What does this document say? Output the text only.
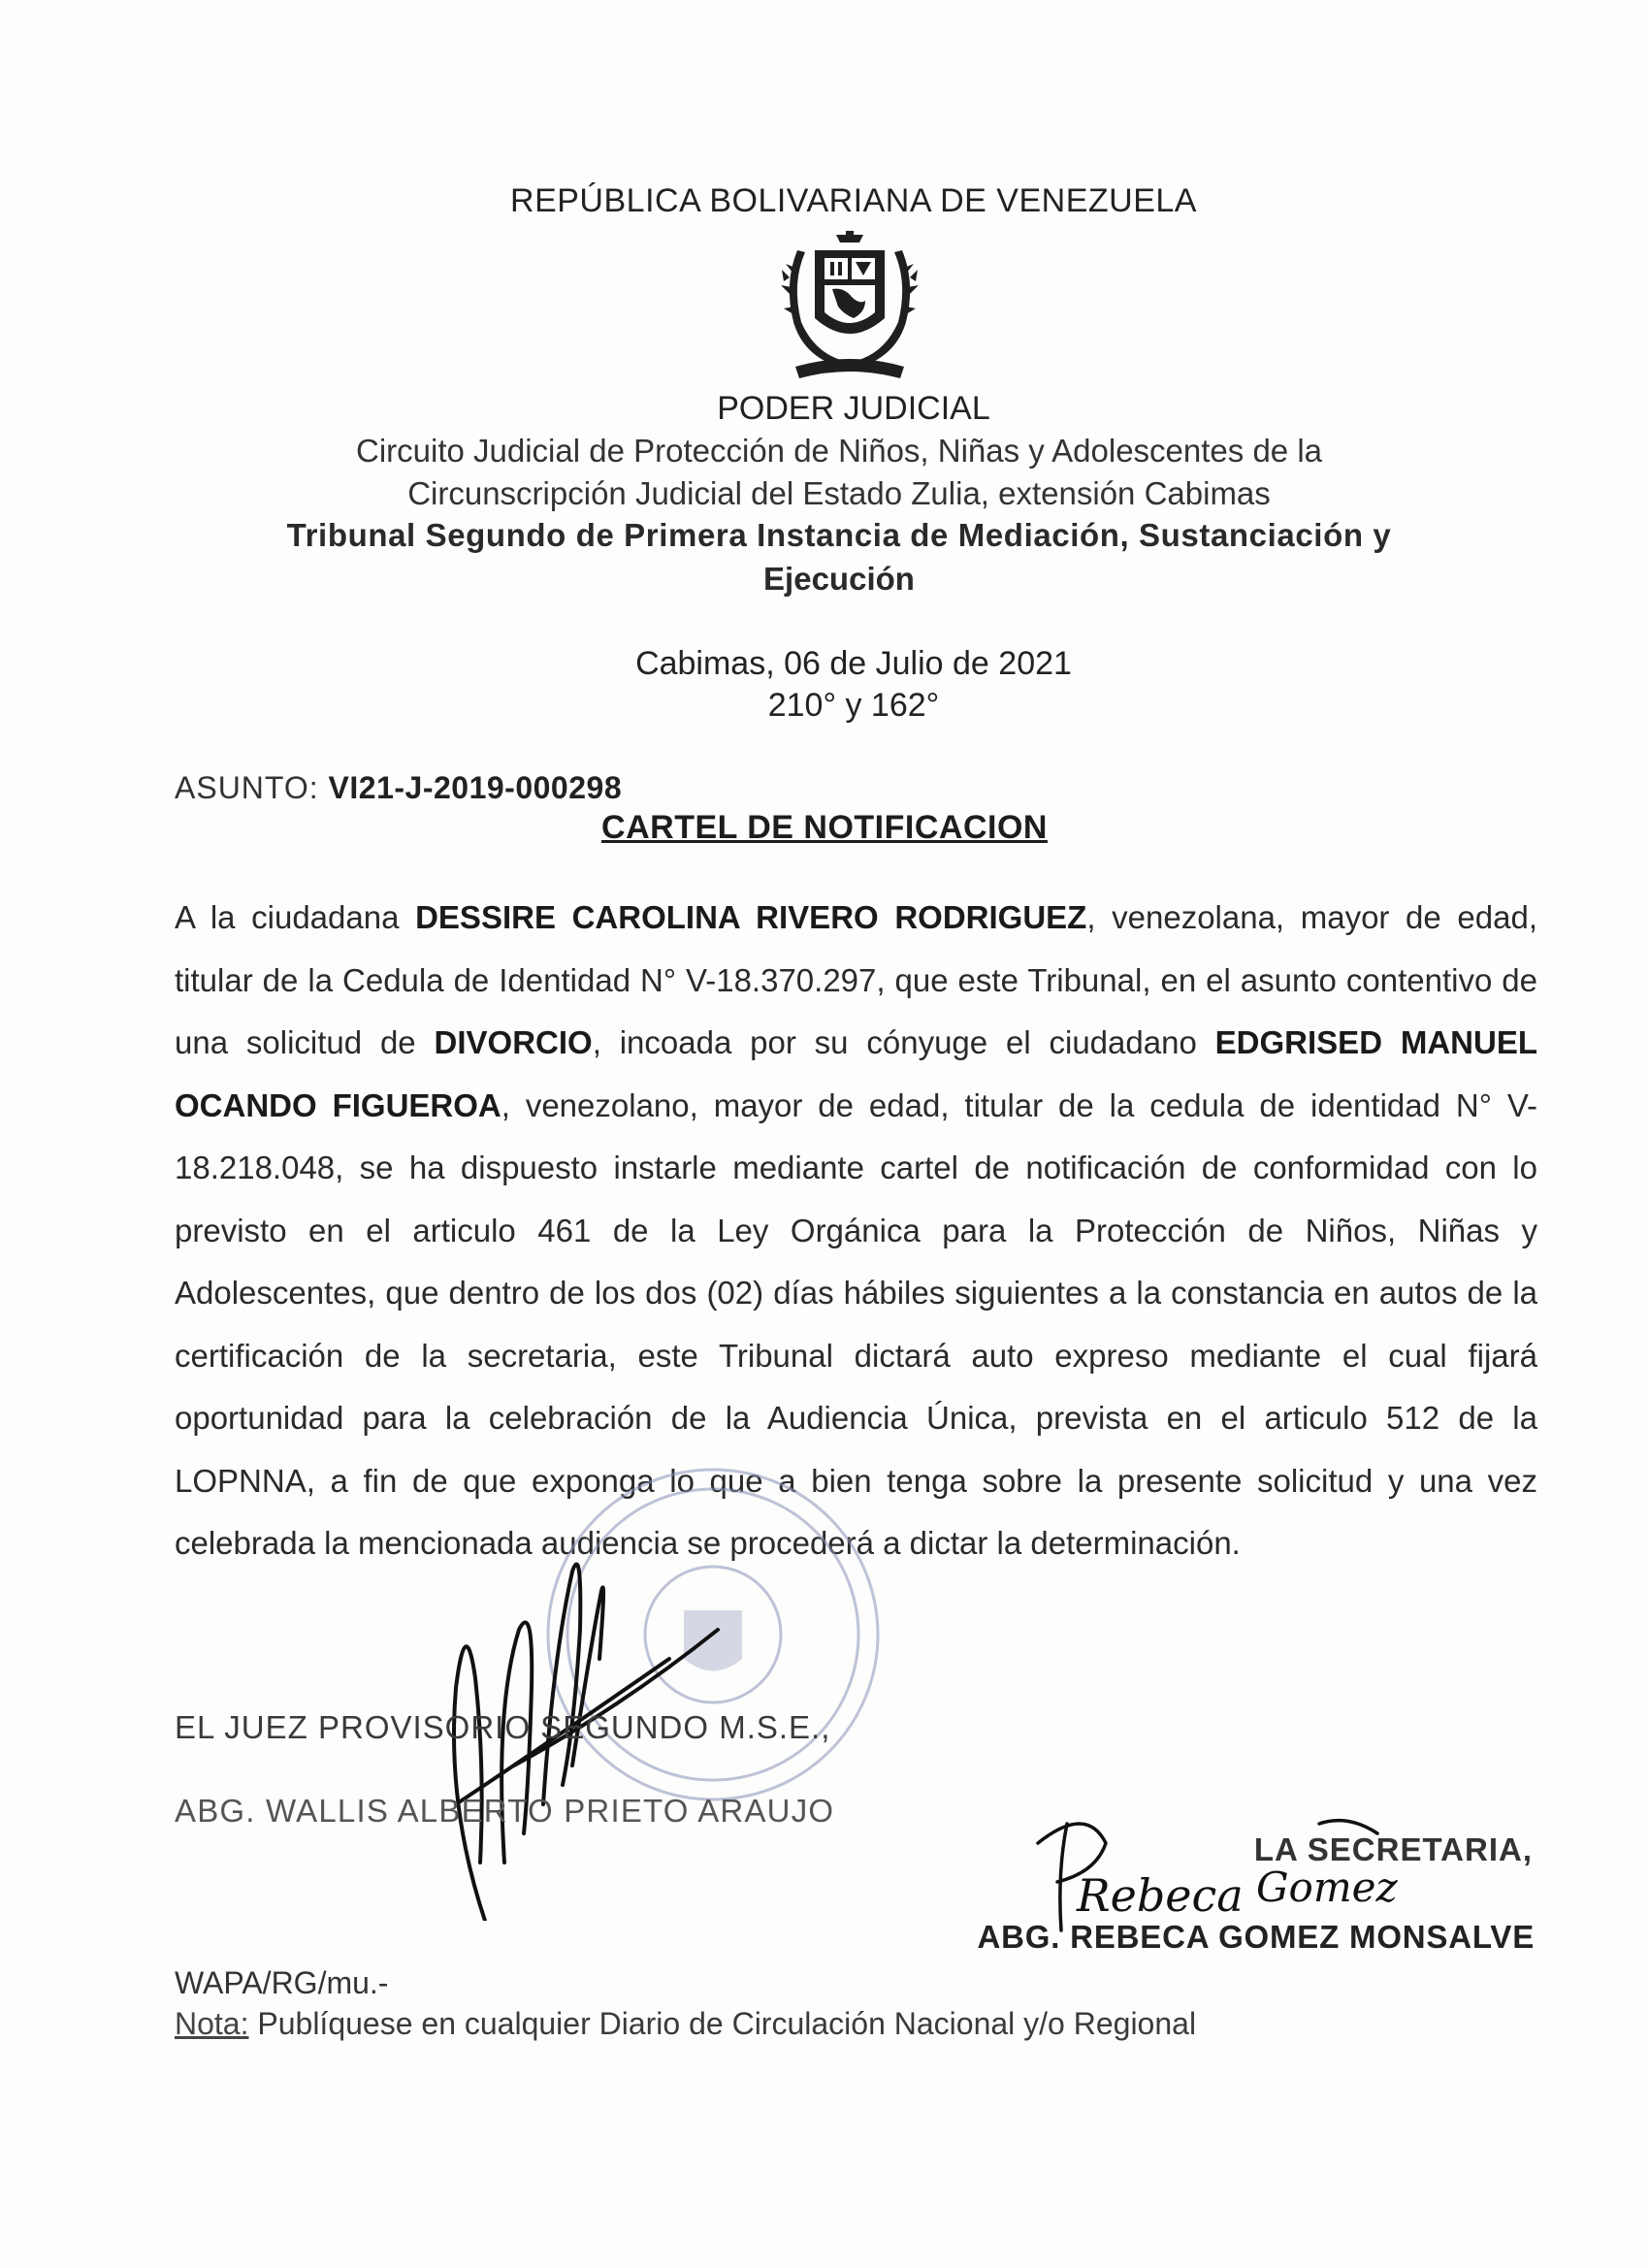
REPÚBLICA BOLIVARIANA DE VENEZUELA
PODER JUDICIAL
Circuito Judicial de Protección de Niños, Niñas y Adolescentes de la
Circunscripción Judicial del Estado Zulia, extensión Cabimas
Tribunal Segundo de Primera Instancia de Mediación, Sustanciación y
Ejecución
Cabimas, 06 de Julio de 2021
210° y 162°
ASUNTO: VI21-J-2019-000298
CARTEL DE NOTIFICACION
A la ciudadana DESSIRE CAROLINA RIVERO RODRIGUEZ, venezolana, mayor de edad, titular de la Cedula de Identidad N° V-18.370.297, que este Tribunal, en el asunto contentivo de una solicitud de DIVORCIO, incoada por su cónyuge el ciudadano EDGRISED MANUEL OCANDO FIGUEROA, venezolano, mayor de edad, titular de la cedula de identidad N° V-18.218.048, se ha dispuesto instarle mediante cartel de notificación de conformidad con lo previsto en el articulo 461 de la Ley Orgánica para la Protección de Niños, Niñas y Adolescentes, que dentro de los dos (02) días hábiles siguientes a la constancia en autos de la certificación de la secretaria, este Tribunal dictará auto expreso mediante el cual fijará oportunidad para la celebración de la Audiencia Única, prevista en el articulo 512 de la LOPNNA, a fin de que exponga lo que a bien tenga sobre la presente solicitud y una vez celebrada la mencionada audiencia se procederá a dictar la determinación.
EL JUEZ PROVISORIO SEGUNDO M.S.E.,
ABG. WALLIS ALBERTO PRIETO ARAUJO
Rebeca Gomez
LA SECRETARIA,
ABG. REBECA GOMEZ MONSALVE
WAPA/RG/mu.-
Nota: Publíquese en cualquier Diario de Circulación Nacional y/o Regional
